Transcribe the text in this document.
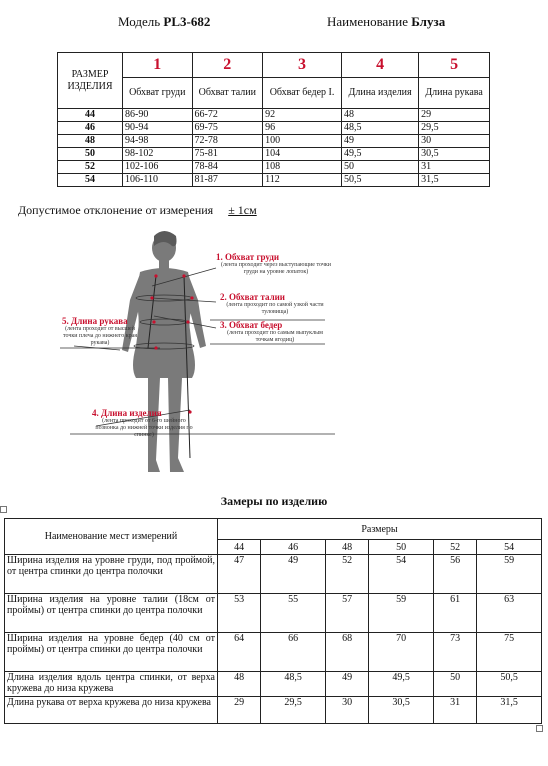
Модель PL3-682	Наименование Блуза
РАЗМЕР ИЗДЕЛИЯ	1	2	3	4	5
	Обхват груди	Обхват талии	Обхват бедер I.	Длина изделия	Длина рукава
44	86-90	66-72	92	48	29
46	90-94	69-75	96	48,5	29,5
48	94-98	72-78	100	49	30
50	98-102	75-81	104	49,5	30,5
52	102-106	78-84	108	50	31
54	106-110	81-87	112	50,5	31,5
Допустимое отклонение от измерения ± 1см
1. Обхват груди
(лента проходит через выступающие точки груди на уровне лопаток)
2. Обхват талии
(лента проходит по самой узкой части туловища)
3. Обхват бедер
(лента проходит по самым выпуклым точкам ягодиц)
5. Длина рукава
(лента проходит от высшей точки плеча до нижнего края рукава)
4. Длина изделия
(лента проходит от 6-го шейного позвонка до нижней точки изделия по спинке)
Замеры по изделию
Наименование мест измерений	Размеры					
	44	46	48	50	52	54
Ширина изделия на уровне груди, под проймой, от центра спинки до центра полочки	47	49	52	54	56	59
Ширина изделия на уровне талии (18см от проймы) от центра спинки до центра полочки	53	55	57	59	61	63
Ширина изделия на уровне бедер (40 см от проймы) от центра спинки до центра полочки	64	66	68	70	73	75
Длина изделия вдоль центра спинки, от верха кружева до низа кружева	48	48,5	49	49,5	50	50,5
Длина рукава от верха кружева до низа кружева	29	29,5	30	30,5	31	31,5
